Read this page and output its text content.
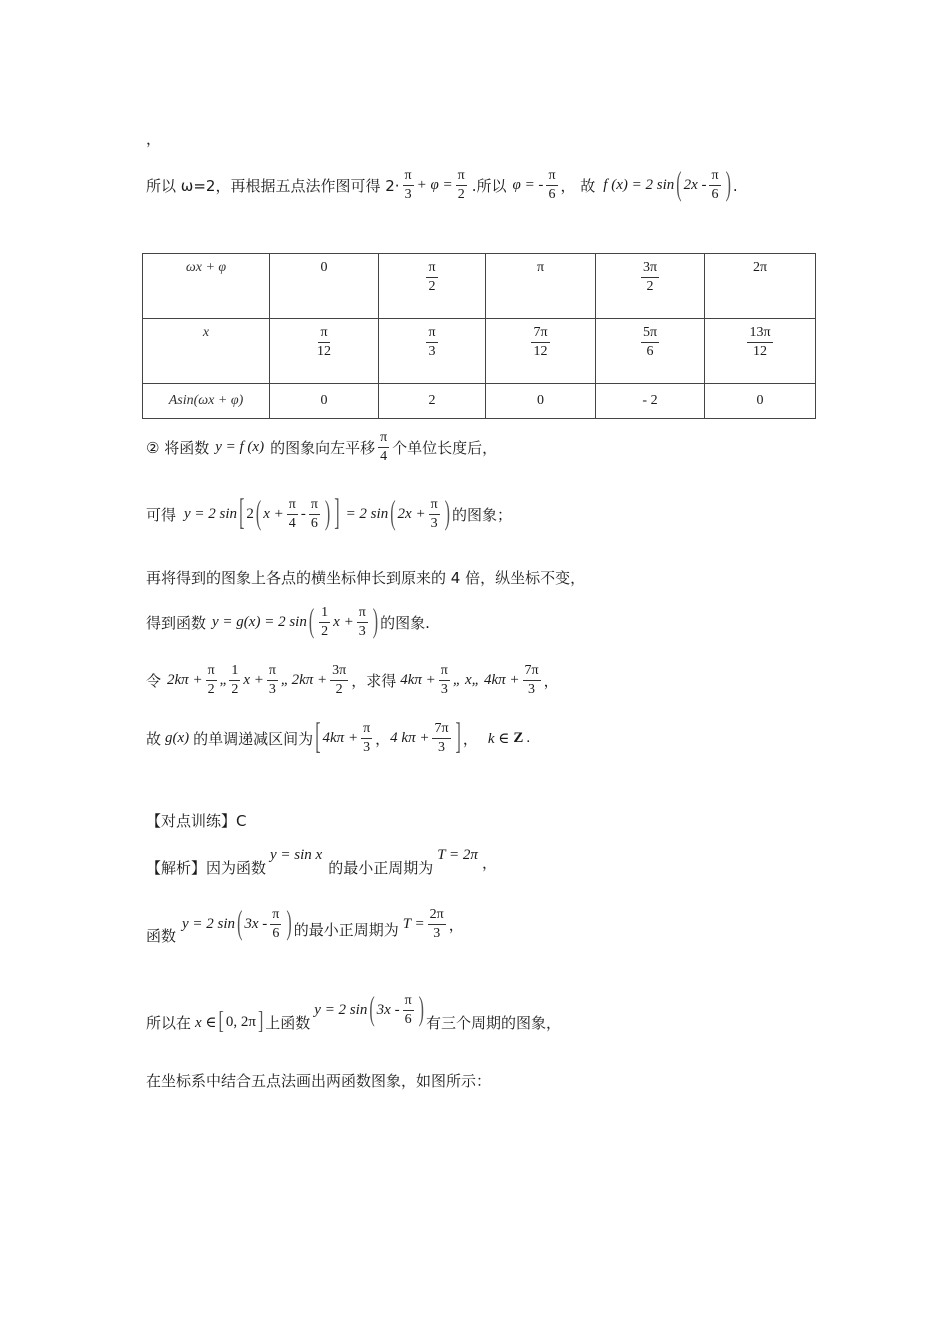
，
所以 ω=2，再根据五点法作图可得 $2\cdot \frac{\pi}{3} + \varphi = \frac{\pi}{2}$ .所以 φ = - $\frac{\pi}{6}$ ， 故 f (x) = 2 sin ( $2x - \frac{\pi}{6}$ ) .
ωx + φ	0	$\frac{\pi}{2}$	π	$\frac{3\pi}{2}$	2π
x	$\frac{\pi}{12}$	$\frac{\pi}{3}$	$\frac{7\pi}{12}$	$\frac{5\pi}{6}$	$\frac{13\pi}{12}$

Asin(ωx + φ)	0	2	0	- 2	0
② 将函数 y = f (x) 的图象向左平移 $\frac{\pi}{4}$ 个单位长度后，
可得 y = 2 sin [ 2 ( $x + \frac{\pi}{4} - \frac{\pi}{6}$ ) ] = 2 sin ( $2x + \frac{\pi}{3}$ ) 的图象；
再将得到的图象上各点的横坐标伸长到原来的 4 倍，纵坐标不变，
得到函数 y = g(x) = 2 sin ( $\frac{1}{2}$ $x + \frac{\pi}{3}$ ) 的图象.
令 $2k\pi + \frac{\pi}{2}$ „ $\frac{1}{2}$ $x + \frac{\pi}{3}$ „ $2k\pi + \frac{3\pi}{2}$ ，求得 $4k\pi + \frac{\pi}{3}$ „ x„ $4k\pi + \frac{7\pi}{3}$ ，
故 g(x) 的单调递减区间为 [ $4k\pi + \frac{\pi}{3}$ ， 4 $k\pi + \frac{7\pi}{3}$ ] ， k ∈ Z .
【对点训练】C
【解析】因为函数
y = sin x
的最小正周期为
T = 2π ，
函数
y = 2 sin ( $3x - \frac{\pi}{6}$ ) 的最小正周期为 $T = \frac{2\pi}{3}$ ，
所以在 x ∈ [ 0, 2π ] 上函数
y = 2 sin ( $3x - \frac{\pi}{6}$ ) 有三个周期的图象，
在坐标系中结合五点法画出两函数图象，如图所示：
